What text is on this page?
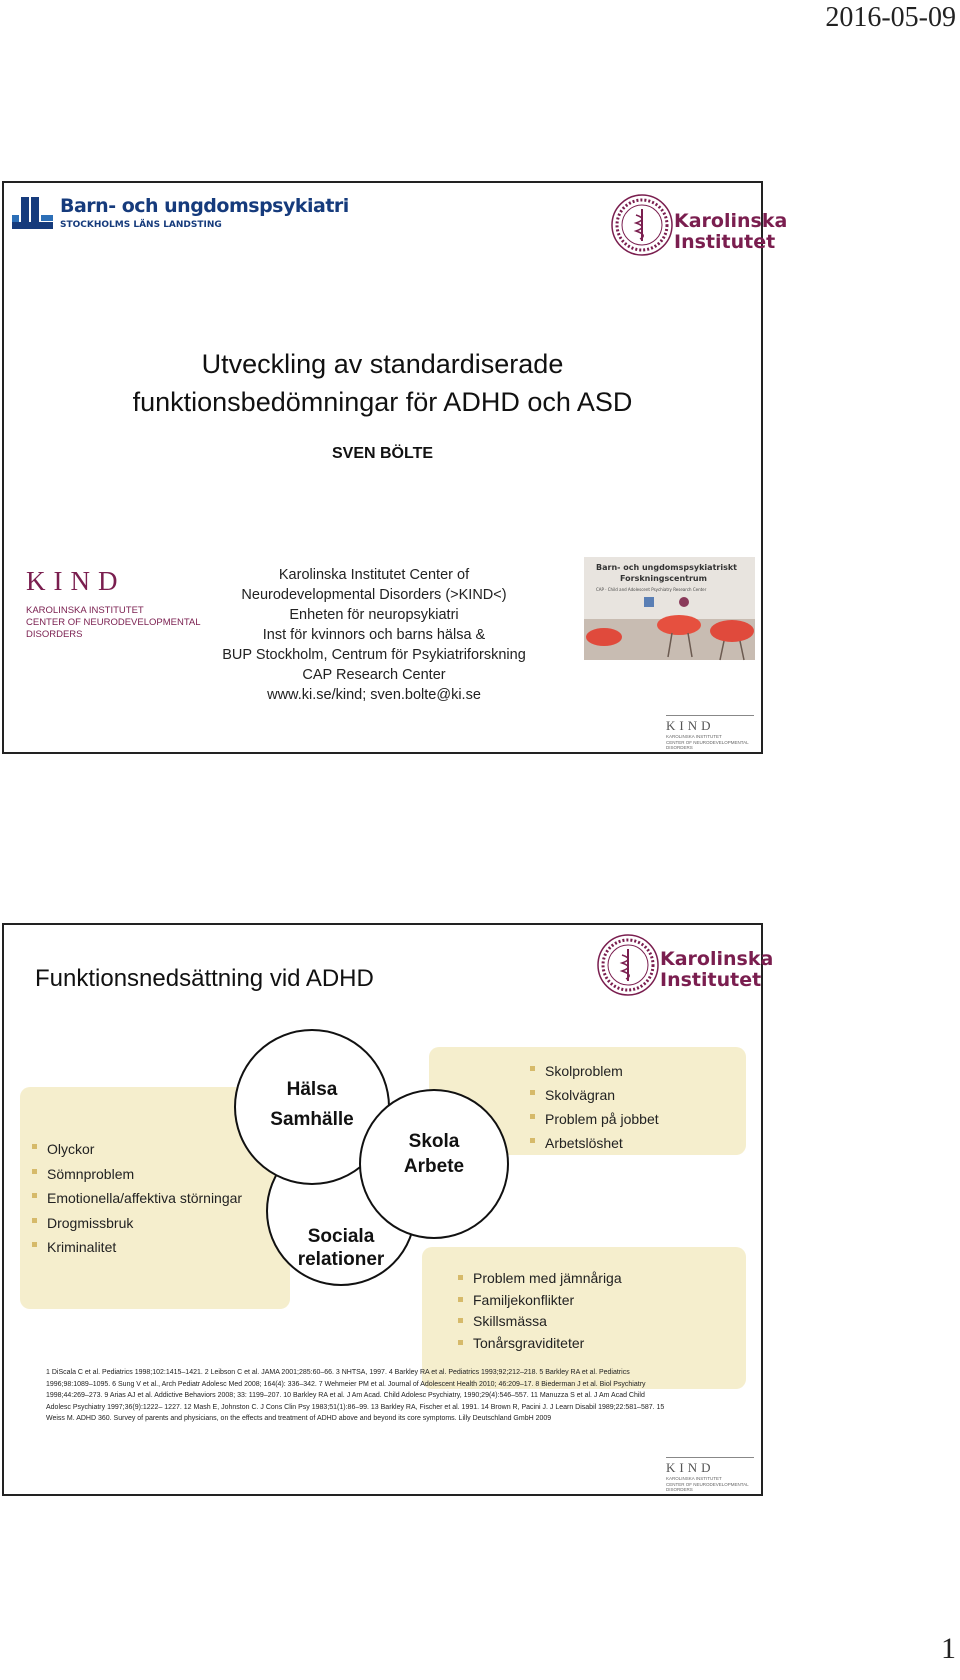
2016-05-09
Barn- och ungdomspsykiatri
STOCKHOLMS LÄNS LANDSTING	Karolinska
Institutet
Utveckling av standardiserade
funktionsbedömningar för ADHD och ASD
SVEN BÖLTE
KIND
KAROLINSKA INSTITUTET
CENTER OF NEURODEVELOPMENTAL
DISORDERS
Karolinska Institutet Center of
Neurodevelopmental Disorders (>KIND<)
Enheten för neuropsykiatri
Inst för kvinnors och barns hälsa &
BUP Stockholm, Centrum för Psykiatriforskning
CAP Research Center
www.ki.se/kind; sven.bolte@ki.se
Barn- och ungdomspsykiatriskt
Forskningscentrum
CAP · Child and Adolescent Psychiatry Research Center
KIND
KAROLINSKA INSTITUTET
CENTER OF NEURODEVELOPMENTAL
DISORDERS
Funktionsnedsättning vid ADHD
Karolinska
Institutet
Olyckor
Sömnproblem
Emotionella/affektiva störningar
Drogmissbruk
Kriminalitet
Skolproblem
Skolvägran
Problem på jobbet
Arbetslöshet
Problem med jämnåriga
Familjekonflikter
Skillsmässa
Tonårsgraviditeter
Hälsa
Samhälle
Skola
Arbete
Sociala
relationer
1 DiScala C et al. Pediatrics 1998;102:1415–1421. 2 Leibson C et al. JAMA 2001;285:60–66. 3 NHTSA, 1997. 4 Barkley RA et al. Pediatrics 1993;92;212–218. 5 Barkley RA et al. Pediatrics
1996;98:1089–1095. 6 Sung V et al., Arch Pediatr Adolesc Med 2008; 164(4): 336–342. 7 Wehmeier PM et al. Journal of Adolescent Health 2010; 46:209–17. 8 Biederman J et al. Biol Psychiatry
1998;44:269–273. 9 Arias AJ et al. Addictive Behaviors 2008; 33: 1199–207. 10 Barkley RA et al. J Am Acad. Child Adolesc Psychiatry, 1990;29(4):546–557. 11 Manuzza S et al. J Am Acad Child
Adolesc Psychiatry 1997;36(9):1222– 1227. 12 Mash E, Johnston C. J Cons Clin Psy 1983;51(1):86–99. 13 Barkley RA, Fischer et al. 1991. 14 Brown R, Pacini J. J Learn Disabil 1989;22:581–587. 15
Weiss M. ADHD 360. Survey of parents and physicians, on the effects and treatment of ADHD above and beyond its core symptoms. Lilly Deutschland GmbH 2009
KIND
KAROLINSKA INSTITUTET
CENTER OF NEURODEVELOPMENTAL
DISORDERS
1
